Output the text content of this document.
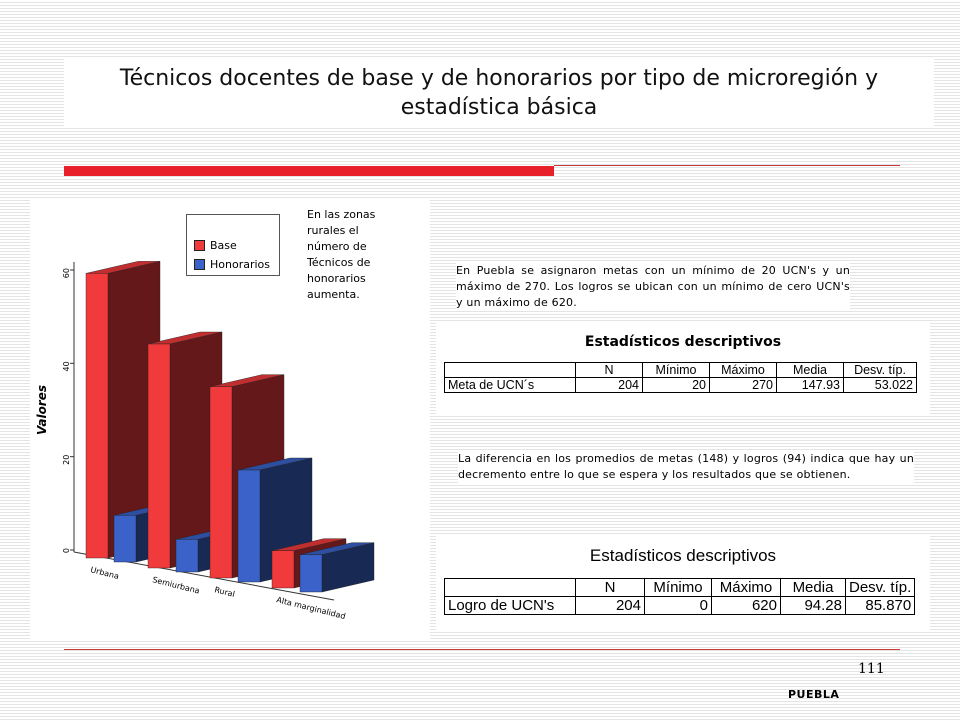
Técnicos docentes de base y de honorarios por tipo de microregión y estadística básica
0
20
40
60
Valores
Urbana
Semiurbana Rural
Alta marginalidad
Base
Honorarios
En las zonas rurales el número de Técnicos de honorarios aumenta.
En Puebla se asignaron metas con un mínimo de 20 UCN's y un máximo de 270. Los logros se ubican con un mínimo de cero UCN's y un máximo de 620.
Estadísticos descriptivos
	N	Mínimo	Máximo	Media	Desv. típ.
Meta de UCN´s	204	20	270	147.93	53.022
La diferencia en los promedios de metas (148) y logros (94) indica que hay un decremento entre lo que se espera y los resultados que se obtienen.
Estadísticos descriptivos
	N	Mínimo	Máximo	Media	Desv. típ.
Logro de UCN's	204	0	620	94.28	85.870
111
PUEBLA
